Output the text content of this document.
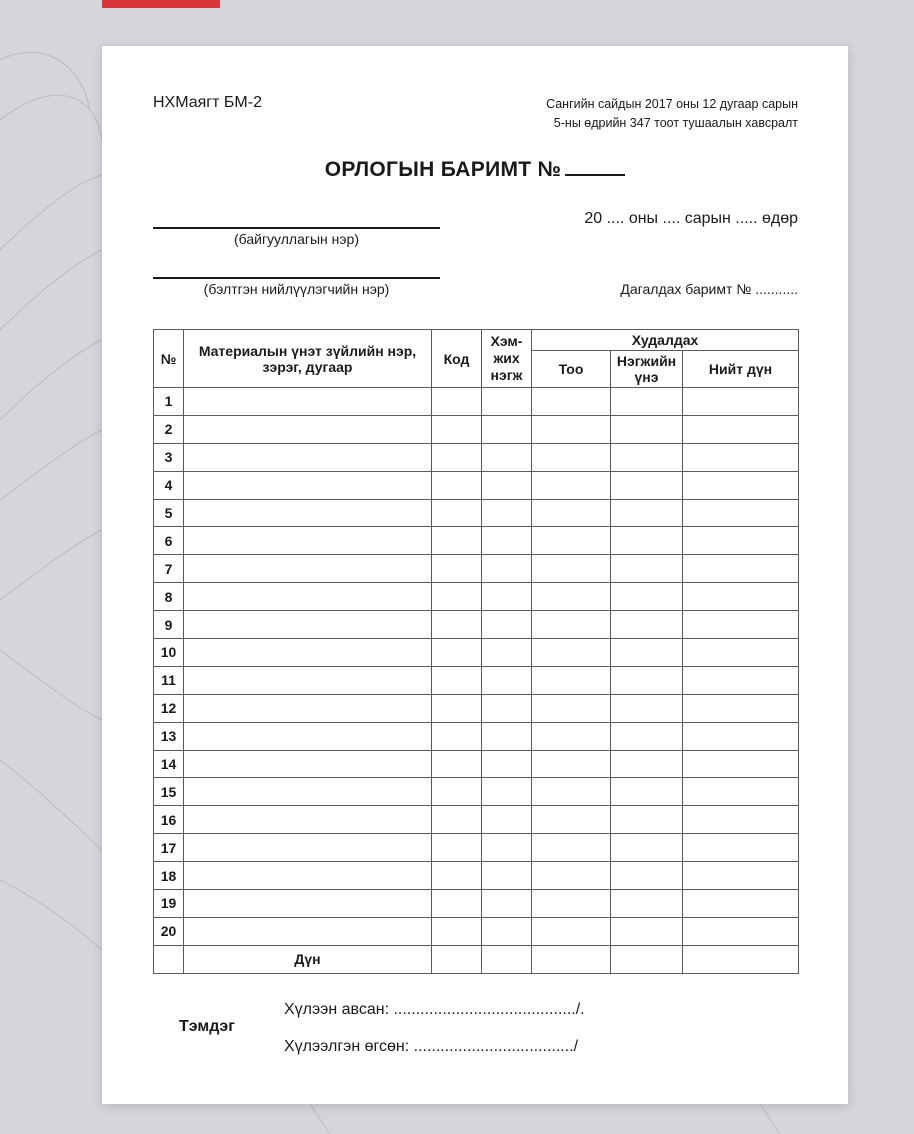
НХМаягт БМ-2	Сангийн сайдын 2017 оны 12 дугаар сарын
5-ны өдрийн 347 тоот тушаалын хавсралт
ОРЛОГЫН БАРИМТ №
(байгууллагын нэр)
20 .... оны .... сарын ..... өдөр
(бэлтгэн нийлүүлэгчийн нэр)	Дагалдах баримт № ...........
№	Материалын үнэт зүйлийн нэр, зэрэг, дугаар	Код	Хэм-жих нэгж	Худалдах		
				Тоо	Нэгжийн үнэ	Нийт дүн
1						
2						
3						
4						
5						
6						
7						
8						
9						
10						
11						
12						
13						
14						
15						
16						
17						
18						
19						
20						
	Дүн					
Тэмдэг
Хүлээн авсан: ........................................./.
Хүлээлгэн өгсөн: ..................................../
